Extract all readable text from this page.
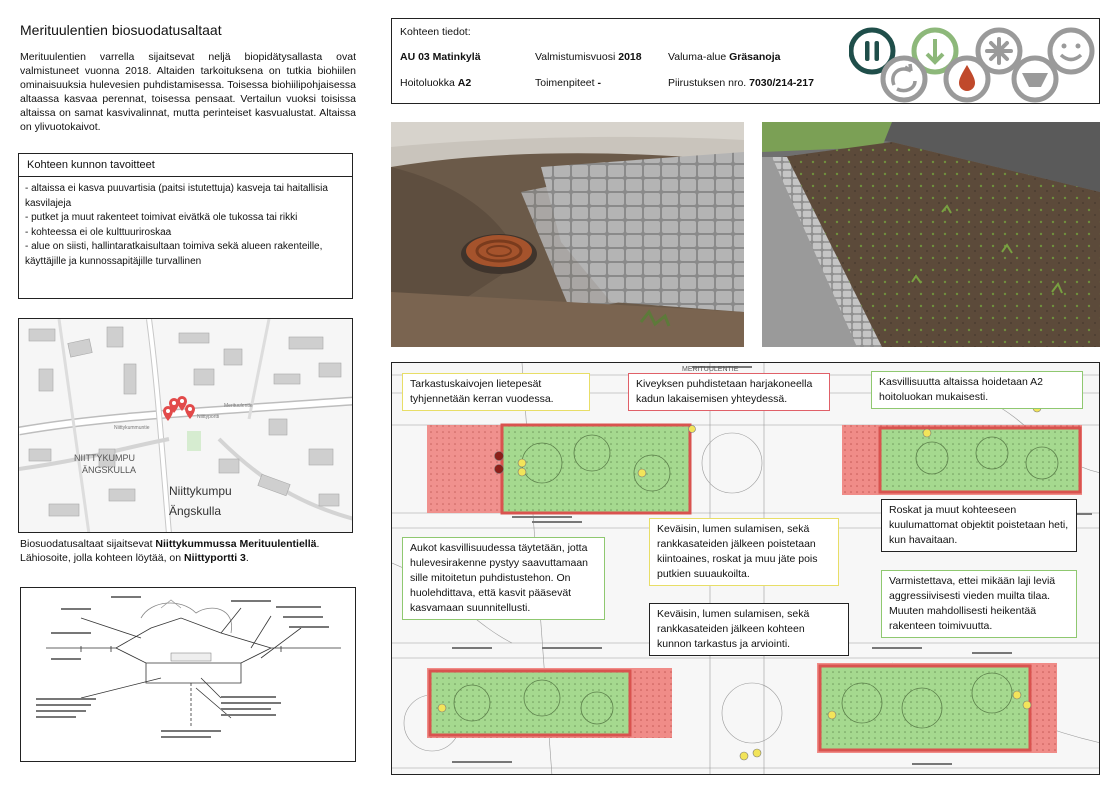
Merituulentien biosuodatusaltaat

Merituulentien varrella sijaitsevat neljä biopidätysallasta ovat valmistuneet vuonna 2018. Altaiden tarkoituksena on tutkia biohiilen ominaisuuksia hulevesien puhdistamisessa. Toisessa biohiilipohjaisessa altaassa kasvaa perennat, toisessa pensaat. Vertailun vuoksi toisissa altaissa on samat kasvivalinnat, mutta perinteiset kasvualustat. Altaissa on ylivuotokaivot.

Kohteen kunnon tavoitteet
- altaissa ei kasva puuvartisia (paitsi istutettuja) kasveja tai haitallisia kasvilajeja
- putket ja muut rakenteet toimivat eivätkä ole tukossa tai rikki
- kohteessa ei ole kulttuuriroskaa
- alue on siisti, hallintaratkaisultaan toimiva sekä alueen rakenteille, käyttäjille ja kunnossapitäjille turvallinen
Niittykumpu
Ängskulla
NIITTYKUMPU
ÄNGSKULLA
Merituulentie
Niittyportti
Niittykummuntie

Biosuodatusaltaat sijaitsevat Niittykummussa Merituulentiellä. Lähiosoite, jolla kohteen löytää, on Niittyportti 3.

Kohteen tiedot:
AU 03 Matinkylä	Valmistumisvuosi 2018	Valuma-alue Gräsanoja
Hoitoluokka A2	Toimenpiteet -	Piirustuksen nro. 7030/214-217
MERITUULENTIE
Tarkastuskaivojen lietepesät tyhjennetään kerran vuodessa.
Kiveyksen puhdistetaan harjakoneella kadun lakaisemisen yhteydessä.
Kasvillisuutta altaissa hoidetaan A2 hoitoluokan mukaisesti.
Roskat ja muut kohteeseen kuulumattomat objektit poistetaan heti, kun havaitaan.
Aukot kasvillisuudessa täytetään, jotta hulevesirakenne pystyy saavuttamaan sille mitoitetun puhdistustehon. On huolehdittava, että kasvit pääsevät kasvamaan suunnitellusti.
Keväisin, lumen sulamisen, sekä rankkasateiden jälkeen poistetaan kiintoaines, roskat ja muu jäte pois putkien suuaukoilta.
Varmistettava, ettei mikään laji leviä aggressiivisesti vieden muilta tilaa. Muuten mahdollisesti heikentää rakenteen toimivuutta.
Keväisin, lumen sulamisen, sekä rankkasateiden jälkeen kohteen kunnon tarkastus ja arviointi.
